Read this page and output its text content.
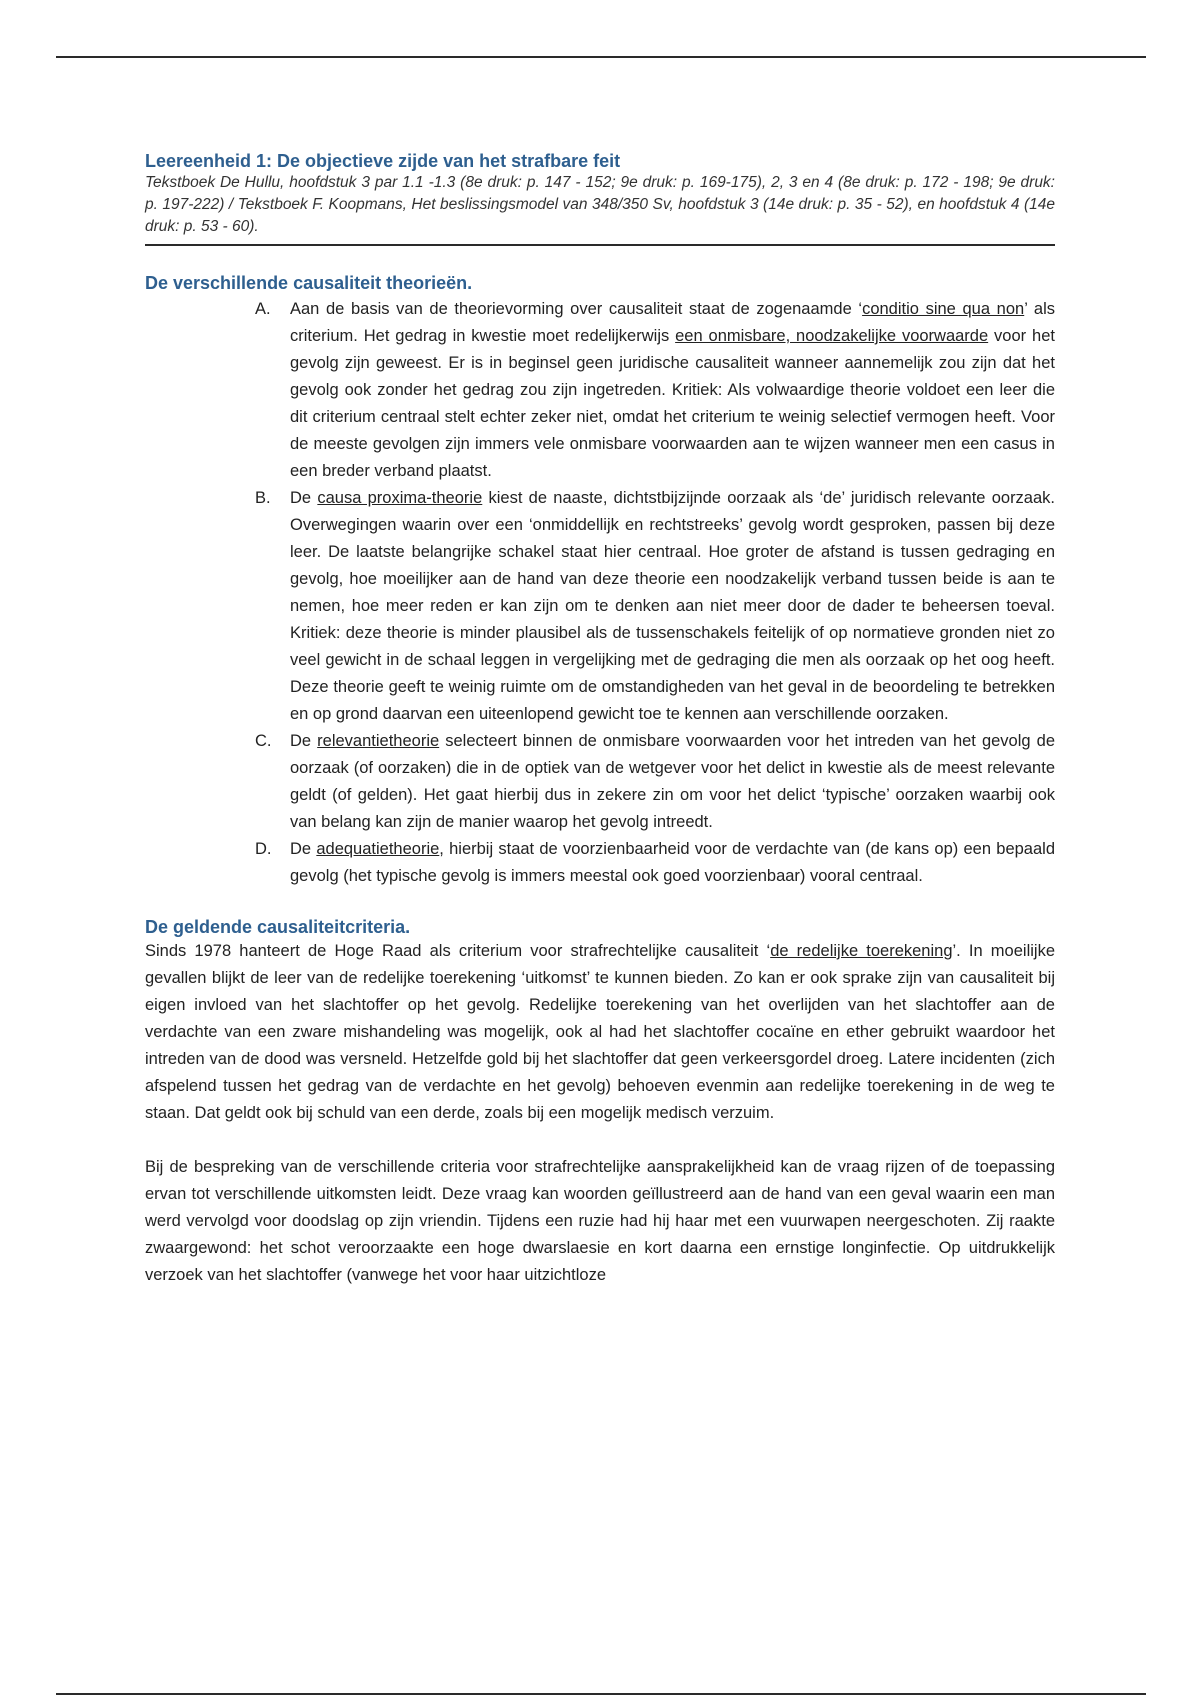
Leereenheid 1: De objectieve zijde van het strafbare feit

Tekstboek De Hullu, hoofdstuk 3 par 1.1 -1.3 (8e druk: p. 147 - 152; 9e druk: p. 169-175), 2, 3 en 4 (8e druk: p. 172 - 198; 9e druk: p. 197-222) / Tekstboek F. Koopmans, Het beslissingsmodel van 348/350 Sv, hoofdstuk 3 (14e druk: p. 35 - 52), en hoofdstuk 4 (14e druk: p. 53 - 60).

De verschillende causaliteit theorieën.
A. Aan de basis van de theorievorming over causaliteit staat de zogenaamde ‘conditio sine qua non’ als criterium. Het gedrag in kwestie moet redelijkerwijs een onmisbare, noodzakelijke voorwaarde voor het gevolg zijn geweest. Er is in beginsel geen juridische causaliteit wanneer aannemelijk zou zijn dat het gevolg ook zonder het gedrag zou zijn ingetreden. Kritiek: Als volwaardige theorie voldoet een leer die dit criterium centraal stelt echter zeker niet, omdat het criterium te weinig selectief vermogen heeft. Voor de meeste gevolgen zijn immers vele onmisbare voorwaarden aan te wijzen wanneer men een casus in een breder verband plaatst.
B. De causa proxima-theorie kiest de naaste, dichtstbijzijnde oorzaak als ‘de’ juridisch relevante oorzaak. Overwegingen waarin over een ‘onmiddellijk en rechtstreeks’ gevolg wordt gesproken, passen bij deze leer. De laatste belangrijke schakel staat hier centraal. Hoe groter de afstand is tussen gedraging en gevolg, hoe moeilijker aan de hand van deze theorie een noodzakelijk verband tussen beide is aan te nemen, hoe meer reden er kan zijn om te denken aan niet meer door de dader te beheersen toeval. Kritiek: deze theorie is minder plausibel als de tussenschakels feitelijk of op normatieve gronden niet zo veel gewicht in de schaal leggen in vergelijking met de gedraging die men als oorzaak op het oog heeft. Deze theorie geeft te weinig ruimte om de omstandigheden van het geval in de beoordeling te betrekken en op grond daarvan een uiteenlopend gewicht toe te kennen aan verschillende oorzaken.
C. De relevantietheorie selecteert binnen de onmisbare voorwaarden voor het intreden van het gevolg de oorzaak (of oorzaken) die in de optiek van de wetgever voor het delict in kwestie als de meest relevante geldt (of gelden). Het gaat hierbij dus in zekere zin om voor het delict ‘typische’ oorzaken waarbij ook van belang kan zijn de manier waarop het gevolg intreedt.
D. De adequatietheorie, hierbij staat de voorzienbaarheid voor de verdachte van (de kans op) een bepaald gevolg (het typische gevolg is immers meestal ook goed voorzienbaar) vooral centraal.
De geldende causaliteitcriteria.

Sinds 1978 hanteert de Hoge Raad als criterium voor strafrechtelijke causaliteit ‘de redelijke toerekening’. In moeilijke gevallen blijkt de leer van de redelijke toerekening ‘uitkomst’ te kunnen bieden. Zo kan er ook sprake zijn van causaliteit bij eigen invloed van het slachtoffer op het gevolg. Redelijke toerekening van het overlijden van het slachtoffer aan de verdachte van een zware mishandeling was mogelijk, ook al had het slachtoffer cocaïne en ether gebruikt waardoor het intreden van de dood was versneld. Hetzelfde gold bij het slachtoffer dat geen verkeersgordel droeg. Latere incidenten (zich afspelend tussen het gedrag van de verdachte en het gevolg) behoeven evenmin aan redelijke toerekening in de weg te staan. Dat geldt ook bij schuld van een derde, zoals bij een mogelijk medisch verzuim.

Bij de bespreking van de verschillende criteria voor strafrechtelijke aansprakelijkheid kan de vraag rijzen of de toepassing ervan tot verschillende uitkomsten leidt. Deze vraag kan woorden geïllustreerd aan de hand van een geval waarin een man werd vervolgd voor doodslag op zijn vriendin. Tijdens een ruzie had hij haar met een vuurwapen neergeschoten. Zij raakte zwaargewond: het schot veroorzaakte een hoge dwarslaesie en kort daarna een ernstige longinfectie. Op uitdrukkelijk verzoek van het slachtoffer (vanwege het voor haar uitzichtloze
